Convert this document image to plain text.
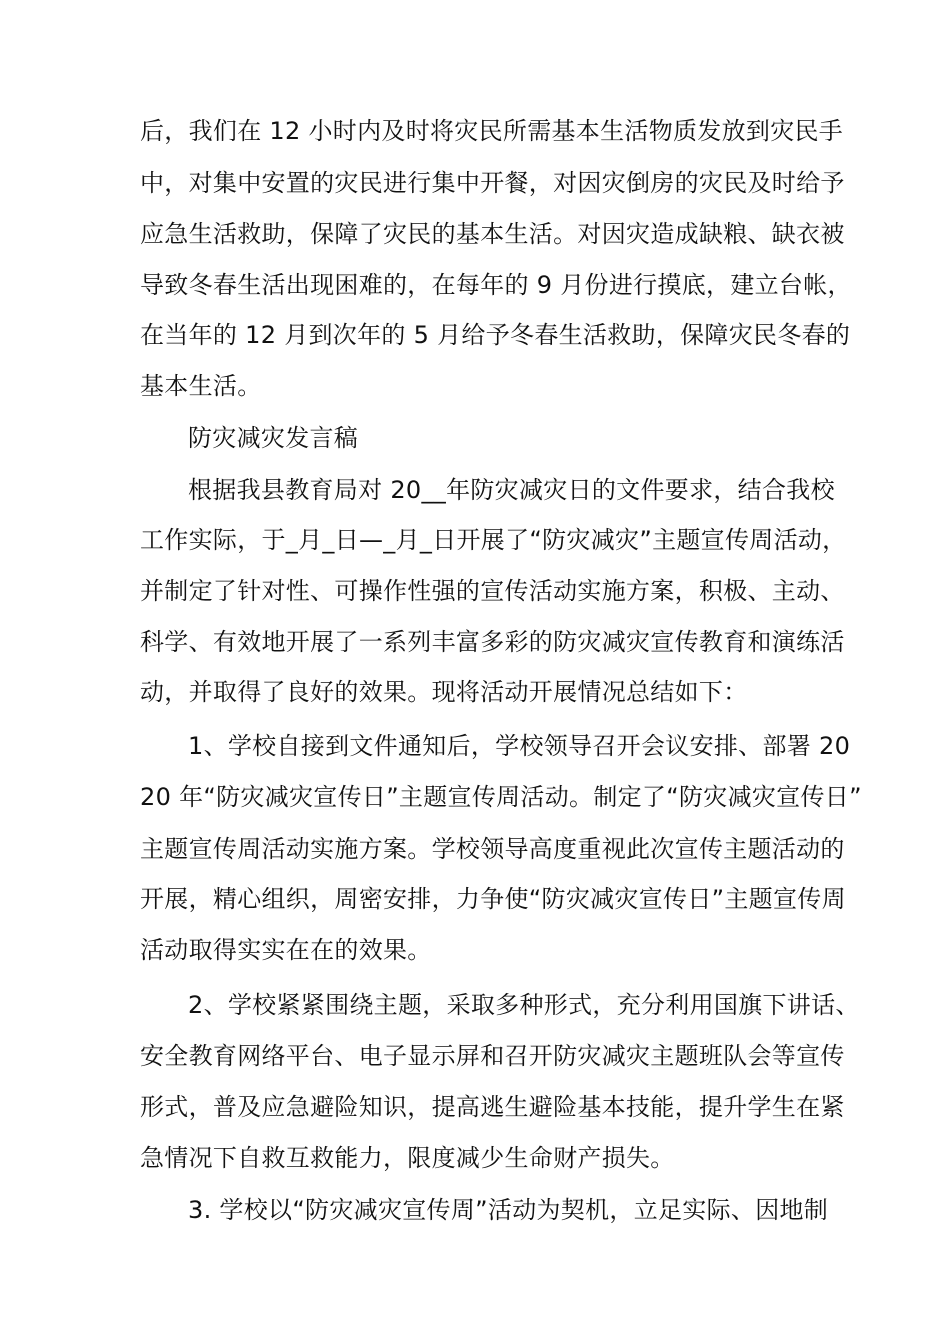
后，我们在 12 小时内及时将灾民所需基本生活物质发放到灾民手
中，对集中安置的灾民进行集中开餐，对因灾倒房的灾民及时给予
应急生活救助，保障了灾民的基本生活。对因灾造成缺粮、缺衣被
导致冬春生活出现困难的，在每年的 9 月份进行摸底，建立台帐，
在当年的 12 月到次年的 5 月给予冬春生活救助，保障灾民冬春的
基本生活。
防灾减灾发言稿
根据我县教育局对 20__年防灾减灾日的文件要求，结合我校
工作实际，于_月_日—_月_日开展了“防灾减灾”主题宣传周活动，
并制定了针对性、可操作性强的宣传活动实施方案，积极、主动、
科学、有效地开展了一系列丰富多彩的防灾减灾宣传教育和演练活
动，并取得了良好的效果。现将活动开展情况总结如下：
1、学校自接到文件通知后，学校领导召开会议安排、部署 20
20 年“防灾减灾宣传日”主题宣传周活动。制定了“防灾减灾宣传日”
主题宣传周活动实施方案。学校领导高度重视此次宣传主题活动的
开展，精心组织，周密安排，力争使“防灾减灾宣传日”主题宣传周
活动取得实实在在的效果。
2、学校紧紧围绕主题，采取多种形式，充分利用国旗下讲话、
安全教育网络平台、电子显示屏和召开防灾减灾主题班队会等宣传
形式，普及应急避险知识，提高逃生避险基本技能，提升学生在紧
急情况下自救互救能力，限度减少生命财产损失。
3. 学校以“防灾减灾宣传周”活动为契机，立足实际、因地制
